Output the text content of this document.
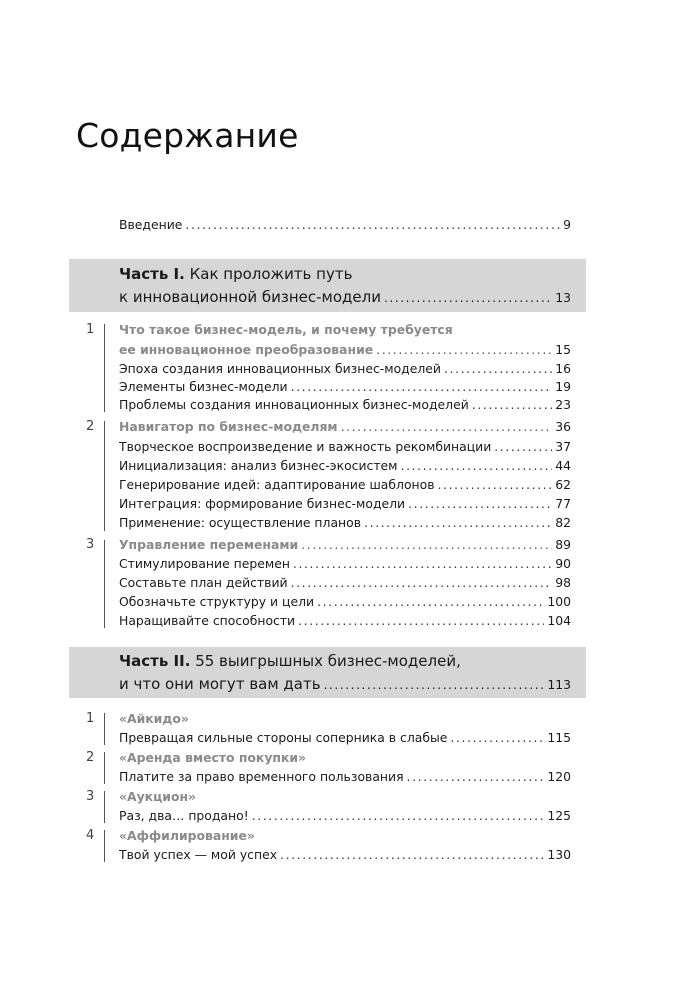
Содержание
Введение .....	9
Часть I. Как проложить путь
к инновационной бизнес-модели .....	13
1 Что такое бизнес-модель, и почему требуется
ее инновационное преобразование .....	15
Эпоха создания инновационных бизнес-моделей .....	16
Элементы бизнес-модели .....	19
Проблемы создания инновационных бизнес-моделей .....	23
2 Навигатор по бизнес-моделям .....	36
Творческое воспроизведение и важность рекомбинации .....	37
Инициализация: анализ бизнес-экосистем .....	44
Генерирование идей: адаптирование шаблонов .....	62
Интеграция: формирование бизнес-модели .....	77
Применение: осуществление планов .....	82
3 Управление переменами .....	89
Стимулирование перемен .....	90
Составьте план действий .....	98
Обозначьте структуру и цели .....	100
Наращивайте способности .....	104
Часть II. 55 выигрышных бизнес-моделей,
и что они могут вам дать .....	113
1 «Айкидо»
Превращая сильные стороны соперника в слабые .....	115
2 «Аренда вместо покупки»
Платите за право временного пользования .....	120
3 «Аукцион»
Раз, два… продано! .....	125
4 «Аффилирование»
Твой успех — мой успех .....	130
